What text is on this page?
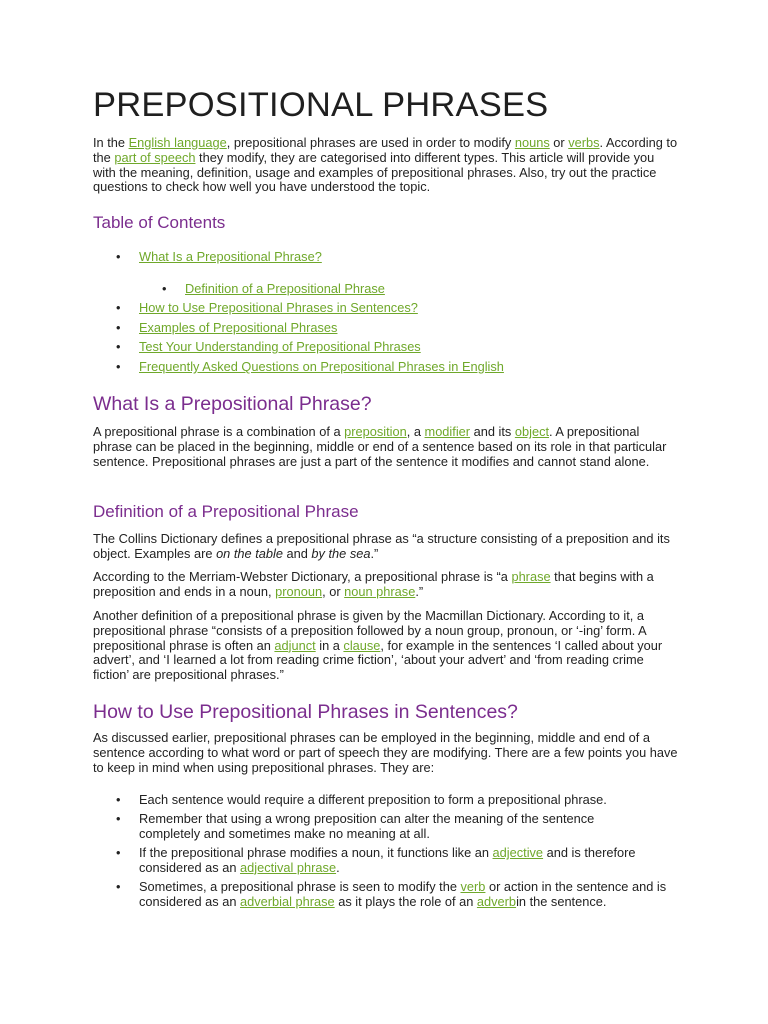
PREPOSITIONAL PHRASES

In the English language, prepositional phrases are used in order to modify nouns or verbs. According to the part of speech they modify, they are categorised into different types. This article will provide you with the meaning, definition, usage and examples of prepositional phrases. Also, try out the practice questions to check how well you have understood the topic.

Table of Contents
• What Is a Prepositional Phrase?
• Definition of a Prepositional Phrase
• How to Use Prepositional Phrases in Sentences?
• Examples of Prepositional Phrases
• Test Your Understanding of Prepositional Phrases
• Frequently Asked Questions on Prepositional Phrases in English
What Is a Prepositional Phrase?

A prepositional phrase is a combination of a preposition, a modifier and its object. A prepositional phrase can be placed in the beginning, middle or end of a sentence based on its role in that particular sentence. Prepositional phrases are just a part of the sentence it modifies and cannot stand alone.

Definition of a Prepositional Phrase

The Collins Dictionary defines a prepositional phrase as “a structure consisting of a preposition and its object. Examples are on the table and by the sea.”

According to the Merriam-Webster Dictionary, a prepositional phrase is “a phrase that begins with a preposition and ends in a noun, pronoun, or noun phrase.”

Another definition of a prepositional phrase is given by the Macmillan Dictionary. According to it, a prepositional phrase “consists of a preposition followed by a noun group, pronoun, or ‘-ing’ form. A prepositional phrase is often an adjunct in a clause, for example in the sentences ‘I called about your advert’, and ‘I learned a lot from reading crime fiction’, ‘about your advert’ and ‘from reading crime fiction’ are prepositional phrases.”

How to Use Prepositional Phrases in Sentences?

As discussed earlier, prepositional phrases can be employed in the beginning, middle and end of a sentence according to what word or part of speech they are modifying. There are a few points you have to keep in mind when using prepositional phrases. They are:

• Each sentence would require a different preposition to form a prepositional phrase.
• Remember that using a wrong preposition can alter the meaning of the sentence completely and sometimes make no meaning at all.
• If the prepositional phrase modifies a noun, it functions like an adjective and is therefore considered as an adjectival phrase.
• Sometimes, a prepositional phrase is seen to modify the verb or action in the sentence and is considered as an adverbial phrase as it plays the role of an adverbin the sentence.
